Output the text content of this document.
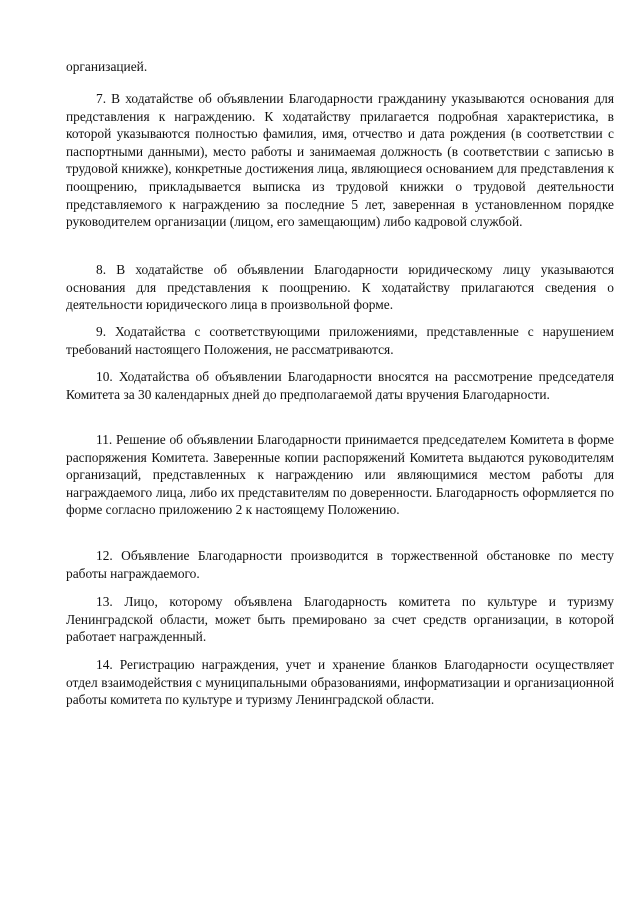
организацией.

7. В ходатайстве об объявлении Благодарности гражданину указываются основания для представления к награждению. К ходатайству прилагается подробная характеристика, в которой указываются полностью фамилия, имя, отчество и дата рождения (в соответствии с паспортными данными), место работы и занимаемая должность (в соответствии с записью в трудовой книжке), конкретные достижения лица, являющиеся основанием для представления к поощрению, прикладывается выписка из трудовой книжки о трудовой деятельности представляемого к награждению за последние 5 лет, заверенная в установленном порядке руководителем организации (лицом, его замещающим) либо кадровой службой.

8. В ходатайстве об объявлении Благодарности юридическому лицу указываются основания для представления к поощрению. К ходатайству прилагаются сведения о деятельности юридического лица в произвольной форме.

9. Ходатайства с соответствующими приложениями, представленные с нарушением требований настоящего Положения, не рассматриваются.

10. Ходатайства об объявлении Благодарности вносятся на рассмотрение председателя Комитета за 30 календарных дней до предполагаемой даты вручения Благодарности.

11. Решение об объявлении Благодарности принимается председателем Комитета в форме распоряжения Комитета. Заверенные копии распоряжений Комитета выдаются руководителям организаций, представленных к награждению или являющимися местом работы для награждаемого лица, либо их представителям по доверенности. Благодарность оформляется по форме согласно приложению 2 к настоящему Положению.

12. Объявление Благодарности производится в торжественной обстановке по месту работы награждаемого.

13. Лицо, которому объявлена Благодарность комитета по культуре и туризму Ленинградской области, может быть премировано за счет средств организации, в которой работает награжденный.

14. Регистрацию награждения, учет и хранение бланков Благодарности осуществляет отдел взаимодействия с муниципальными образованиями, информатизации и организационной работы комитета по культуре и туризму Ленинградской области.
